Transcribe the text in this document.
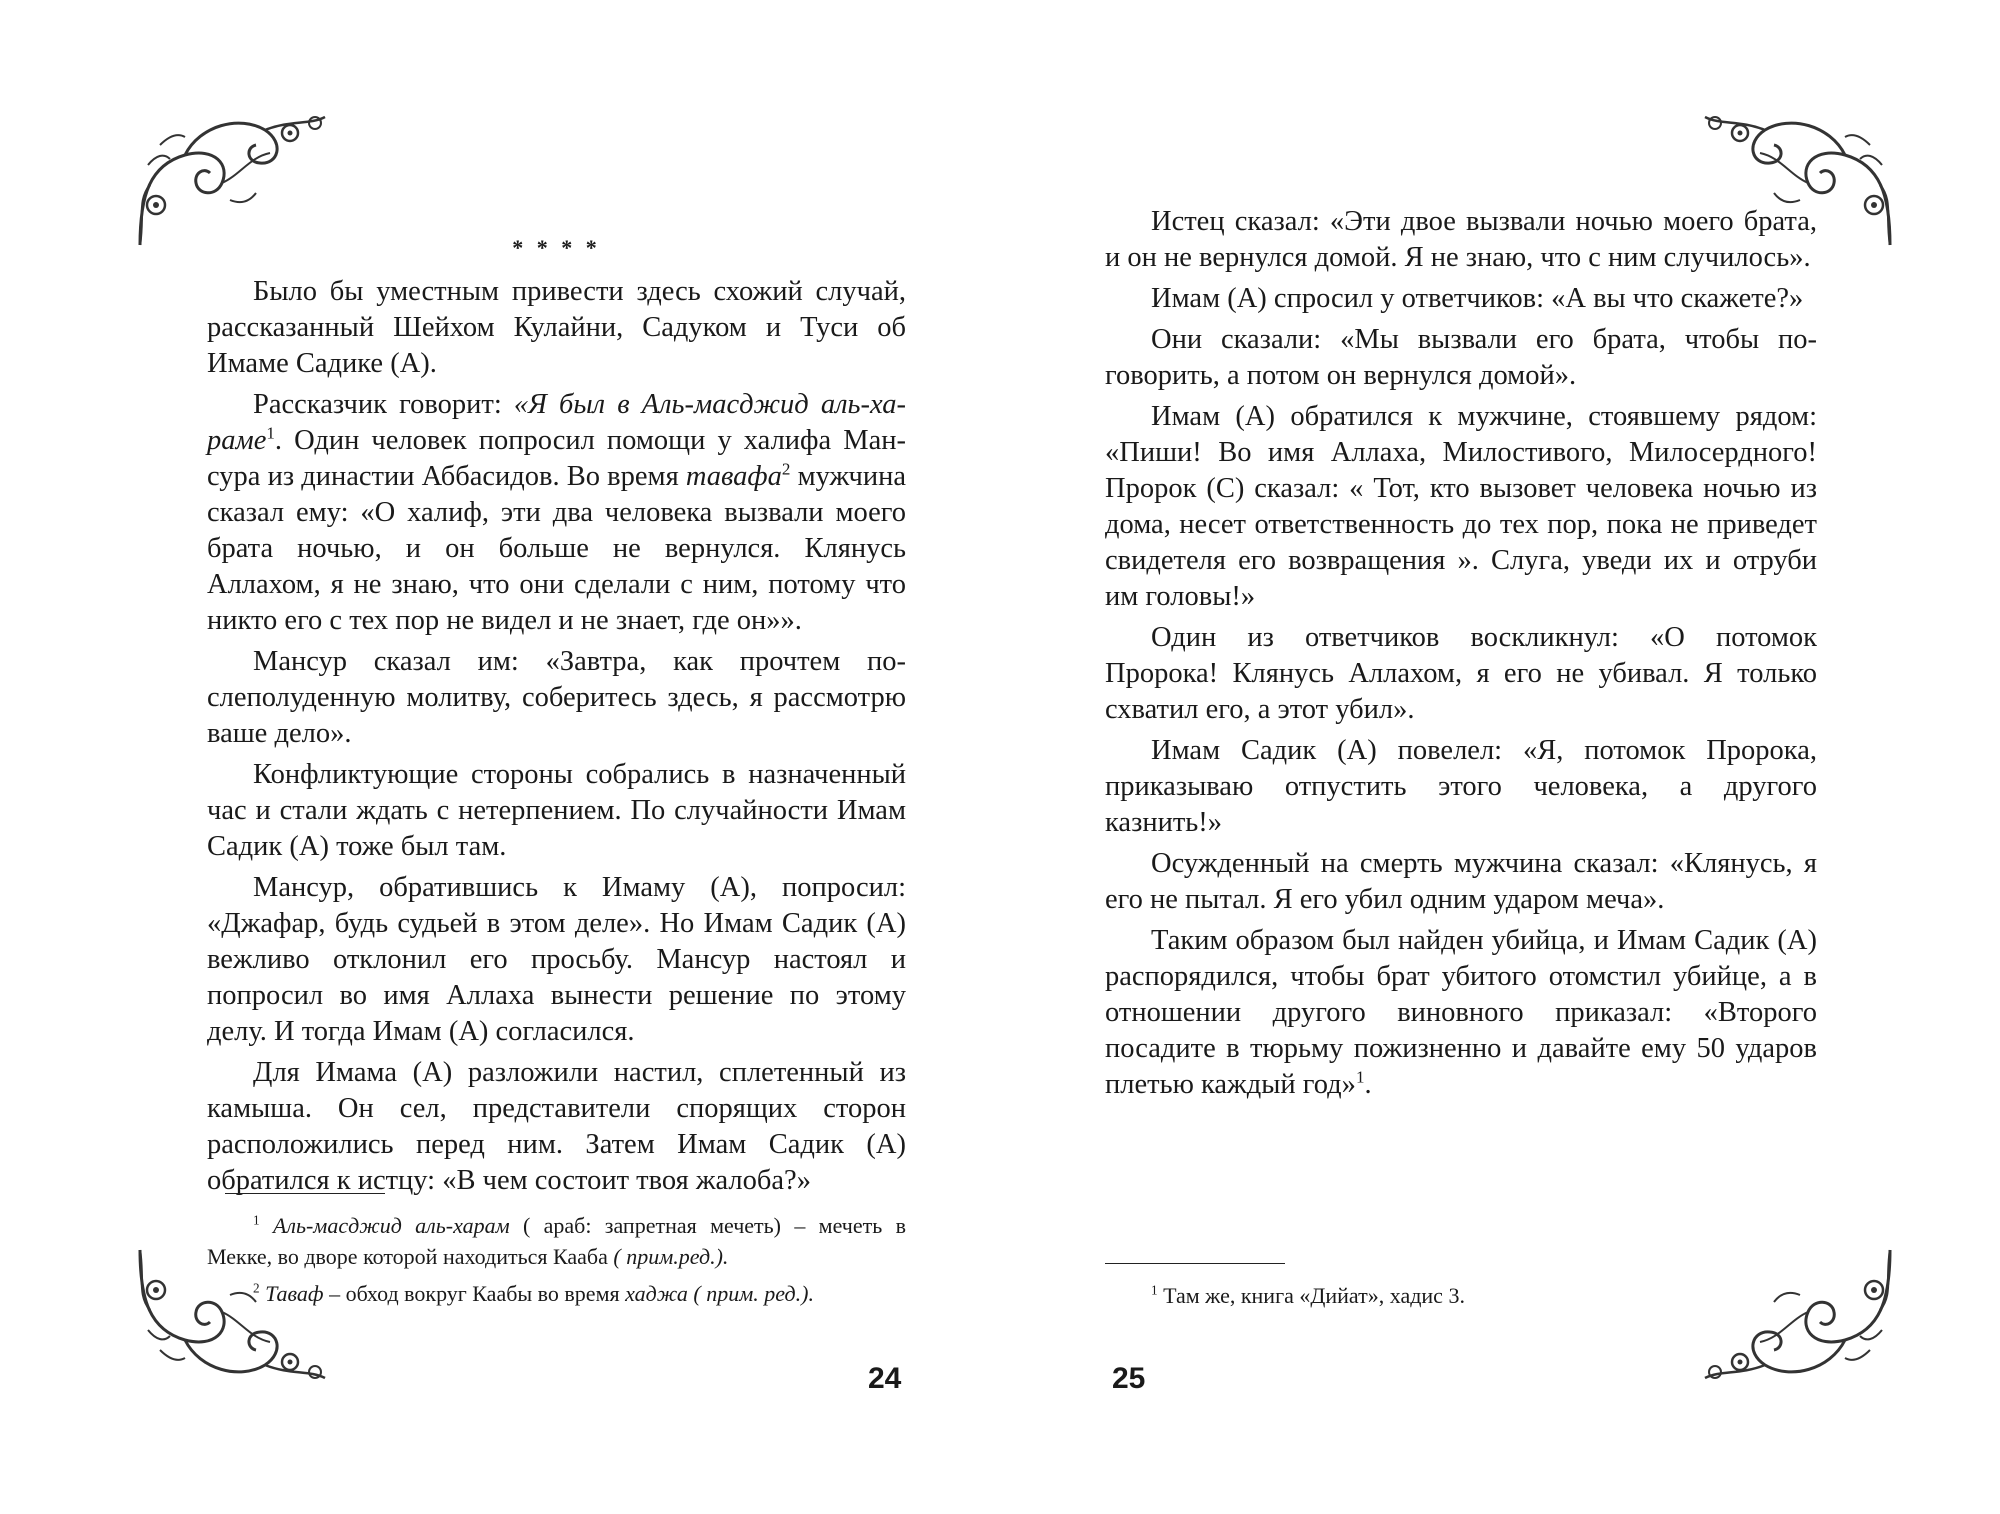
* * * *

Было бы уместным привести здесь схожий случай, рассказанный Шейхом Кулайни, Садуком и Туси об Имаме Садике (А).

Рассказчик говорит: «Я был в Аль-масджид аль-хараме$^1$. Один человек попросил помощи у халифа Мансура из династии Аббасидов. Во время тавафа$^2$ мужчина сказал ему: «О халиф, эти два человека вызвали моего брата ночью, и он больше не вернулся. Клянусь Аллахом, я не знаю, что они сделали с ним, потому что никто его с тех пор не видел и не знает, где он»».

Мансур сказал им: «Завтра, как прочтем послеполуденную молитву, соберитесь здесь, я рассмотрю ваше дело».

Конфликтующие стороны собрались в назначенный час и стали ждать с нетерпением. По случайности Имам Садик (А) тоже был там.

Мансур, обратившись к Имаму (А), попросил: «Джафар, будь судьей в этом деле». Но Имам Садик (А) вежливо отклонил его просьбу. Мансур настоял и попросил во имя Аллаха вынести решение по этому делу. И тогда Имам (А) согласился.

Для Имама (А) разложили настил, сплетенный из камыша. Он сел, представители спорящих сторон расположились перед ним. Затем Имам Садик (А) обратился к истцу: «В чем состоит твоя жалоба?»

$^1$ Аль-масджид аль-харам ( араб: запретная мечеть) – мечеть в Мекке, во дворе которой находиться Кааба ( прим.ред.).

$^2$ Таваф – обход вокруг Каабы во время хаджа ( прим. ред.).

24

Истец сказал: «Эти двое вызвали ночью моего брата, и он не вернулся домой. Я не знаю, что с ним случилось».

Имам (А) спросил у ответчиков: «А вы что скажете?»

Они сказали: «Мы вызвали его брата, чтобы поговорить, а потом он вернулся домой».

Имам (А) обратился к мужчине, стоявшему рядом: «Пиши! Во имя Аллаха, Милостивого, Милосердного! Пророк (С) сказал: « Тот, кто вызовет человека ночью из дома, несет ответственность до тех пор, пока не приведет свидетеля его возвращения ». Слуга, уведи их и отруби им головы!»

Один из ответчиков воскликнул: «О потомок Пророка! Клянусь Аллахом, я его не убивал. Я только схватил его, а этот убил».

Имам Садик (А) повелел: «Я, потомок Пророка, приказываю отпустить этого человека, а другого казнить!»

Осужденный на смерть мужчина сказал: «Клянусь, я его не пытал. Я его убил одним ударом меча».

Таким образом был найден убийца, и Имам Садик (А) распорядился, чтобы брат убитого отомстил убийце, а в отношении другого виновного приказал: «Второго посадите в тюрьму пожизненно и давайте ему 50 ударов плетью каждый год»$^1$.

$^1$ Там же, книга «Дийат», хадис 3.

25
